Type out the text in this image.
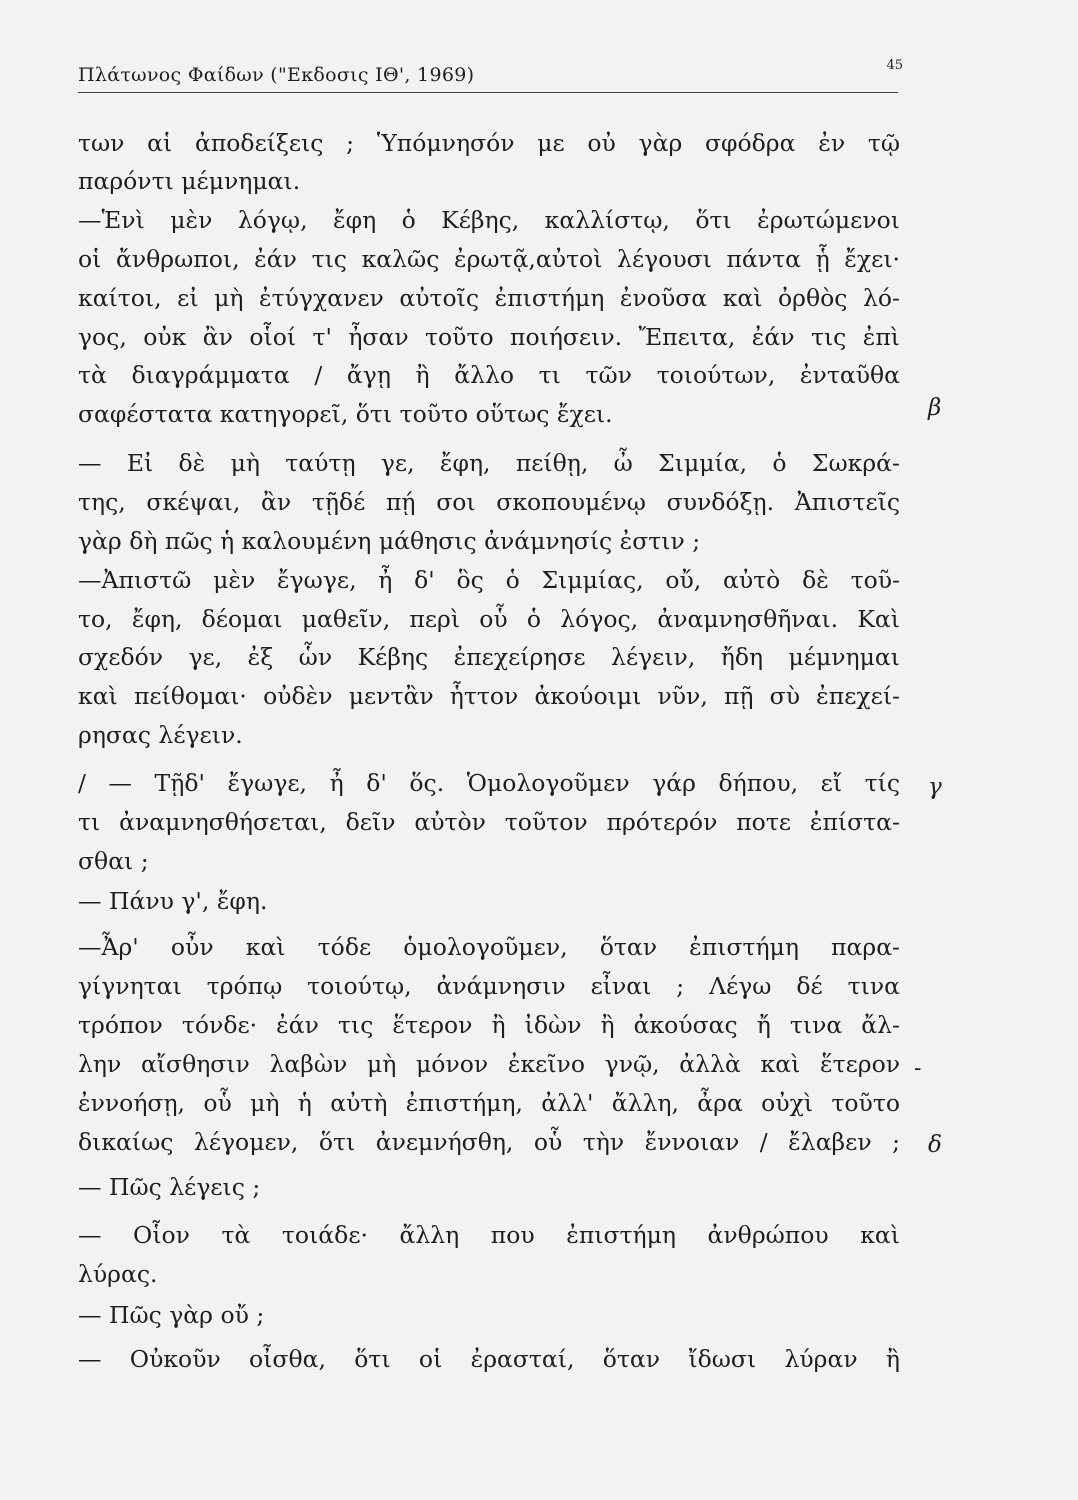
Πλάτωνος Φαίδων ("Εκδοσις ΙΘ', 1969)	45
των αἱ ἀποδείξεις ; Ὑπόμνησόν με οὐ γὰρ σφόδρα ἐν τῷ
παρόντι μέμνημαι.
—Ἑνὶ μὲν λόγῳ, ἔφη ὁ Κέβης, καλλίστῳ, ὅτι ἐρωτώμενοι
οἱ ἄνθρωποι, ἐάν τις καλῶς ἐρωτᾷ,αὐτοὶ λέγουσι πάντα ᾗ ἔχει·
καίτοι, εἰ μὴ ἐτύγχανεν αὐτοῖς ἐπιστήμη ἐνοῦσα καὶ ὀρθὸς λό-
γος, οὐκ ἂν οἷοί τ' ἦσαν τοῦτο ποιήσειν. Ἔπειτα, ἐάν τις ἐπὶ
τὰ διαγράμματα / ἄγῃ ἢ ἄλλο τι τῶν τοιούτων, ἐνταῦθα
σαφέστατα κατηγορεῖ, ὅτι τοῦτο οὕτως ἔχει.
— Εἰ δὲ μὴ ταύτῃ γε, ἔφη, πείθῃ, ὦ Σιμμία, ὁ Σωκρά-
της, σκέψαι, ἂν τῇδέ πῄ σοι σκοπουμένῳ συνδόξῃ. Ἀπιστεῖς
γὰρ δὴ πῶς ἡ καλουμένη μάθησις ἀνάμνησίς ἐστιν ;
—Ἀπιστῶ μὲν ἔγωγε, ἦ δ' ὃς ὁ Σιμμίας, οὔ, αὐτὸ δὲ τοῦ-
το, ἔφη, δέομαι μαθεῖν, περὶ οὗ ὁ λόγος, ἀναμνησθῆναι. Καὶ
σχεδόν γε, ἐξ ὧν Κέβης ἐπεχείρησε λέγειν, ἤδη μέμνημαι
καὶ πείθομαι· οὐδὲν μεντἂν ἧττον ἀκούοιμι νῦν, πῇ σὺ ἐπεχεί-
ρησας λέγειν.
/ — Τῇδ' ἔγωγε, ἦ δ' ὅς. Ὁμολογοῦμεν γάρ δήπου, εἴ τίς
τι ἀναμνησθήσεται, δεῖν αὐτὸν τοῦτον πρότερόν ποτε ἐπίστα-
σθαι ;
— Πάνυ γ', ἔφη.
—Ἆρ' οὖν καὶ τόδε ὁμολογοῦμεν, ὅταν ἐπιστήμη παρα-
γίγνηται τρόπῳ τοιούτῳ, ἀνάμνησιν εἶναι ; Λέγω δέ τινα
τρόπον τόνδε· ἐάν τις ἕτερον ἢ ἰδὼν ἢ ἀκούσας ἤ τινα ἄλ-
λην αἴσθησιν λαβὼν μὴ μόνον ἐκεῖνο γνῷ, ἀλλὰ καὶ ἕτερον
ἐννοήσῃ, οὗ μὴ ἡ αὐτὴ ἐπιστήμη, ἀλλ' ἄλλη, ἆρα οὐχὶ τοῦτο
δικαίως λέγομεν, ὅτι ἀνεμνήσθη, οὗ τὴν ἔννοιαν / ἔλαβεν ;
— Πῶς λέγεις ;
— Οἷον τὰ τοιάδε· ἄλλη που ἐπιστήμη ἀνθρώπου καὶ
λύρας.
— Πῶς γὰρ οὔ ;
— Οὐκοῦν οἶσθα, ὅτι οἱ ἐρασταί, ὅταν ἴδωσι λύραν ἢ
β
γ
-
δ
